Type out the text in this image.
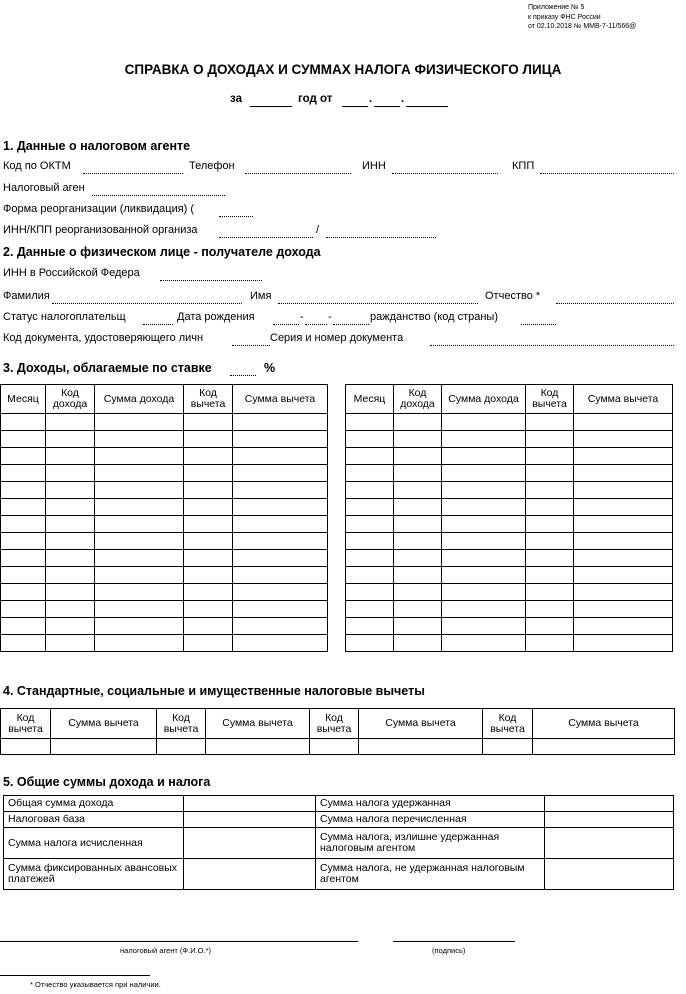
Приложение № 5
к приказу ФНС России
от 02.10.2018 № ММВ-7-11/566@
СПРАВКА О ДОХОДАХ И СУММАХ НАЛОГА ФИЗИЧЕСКОГО ЛИЦА
за	год от	.	.
1. Данные о налоговом агенте
Код по ОКТМ	Телефон	ИНН	КПП
Налоговый аген
Форма реорганизации (ликвидация) (
ИНН/КПП реорганизованной организа	/
2. Данные о физическом лице - получателе дохода
ИНН в Российской Федера
Фамилия	Имя	Отчество *
Статус налогоплательщ	Дата рождения	- -	ражданство (код страны)
Код документа, удостоверяющего личн	Серия и номер документа
3. Доходы, облагаемые по ставке	%
Месяц	Код дохода	Сумма дохода	Код вычета	Сумма вычета

					Месяц	Код дохода	Сумма дохода	Код вычета	Сумма вычета

4. Стандартные, социальные и имущественные налоговые вычеты
Код вычета	Сумма вычета	Код вычета	Сумма вычета	Код вычета	Сумма вычета	Код вычета	Сумма вычета

5. Общие суммы дохода и налога
Общая сумма дохода		Сумма налога удержанная	
Налоговая база		Сумма налога перечисленная	
Сумма налога исчисленная		Сумма налога, излишне удержанная налоговым агентом	
Сумма фиксированных авансовых платежей		Сумма налога, не удержанная налоговым агентом	
налоговый агент (Ф.И.О.*)	(подпись)
* Отчество указывается при наличии.
